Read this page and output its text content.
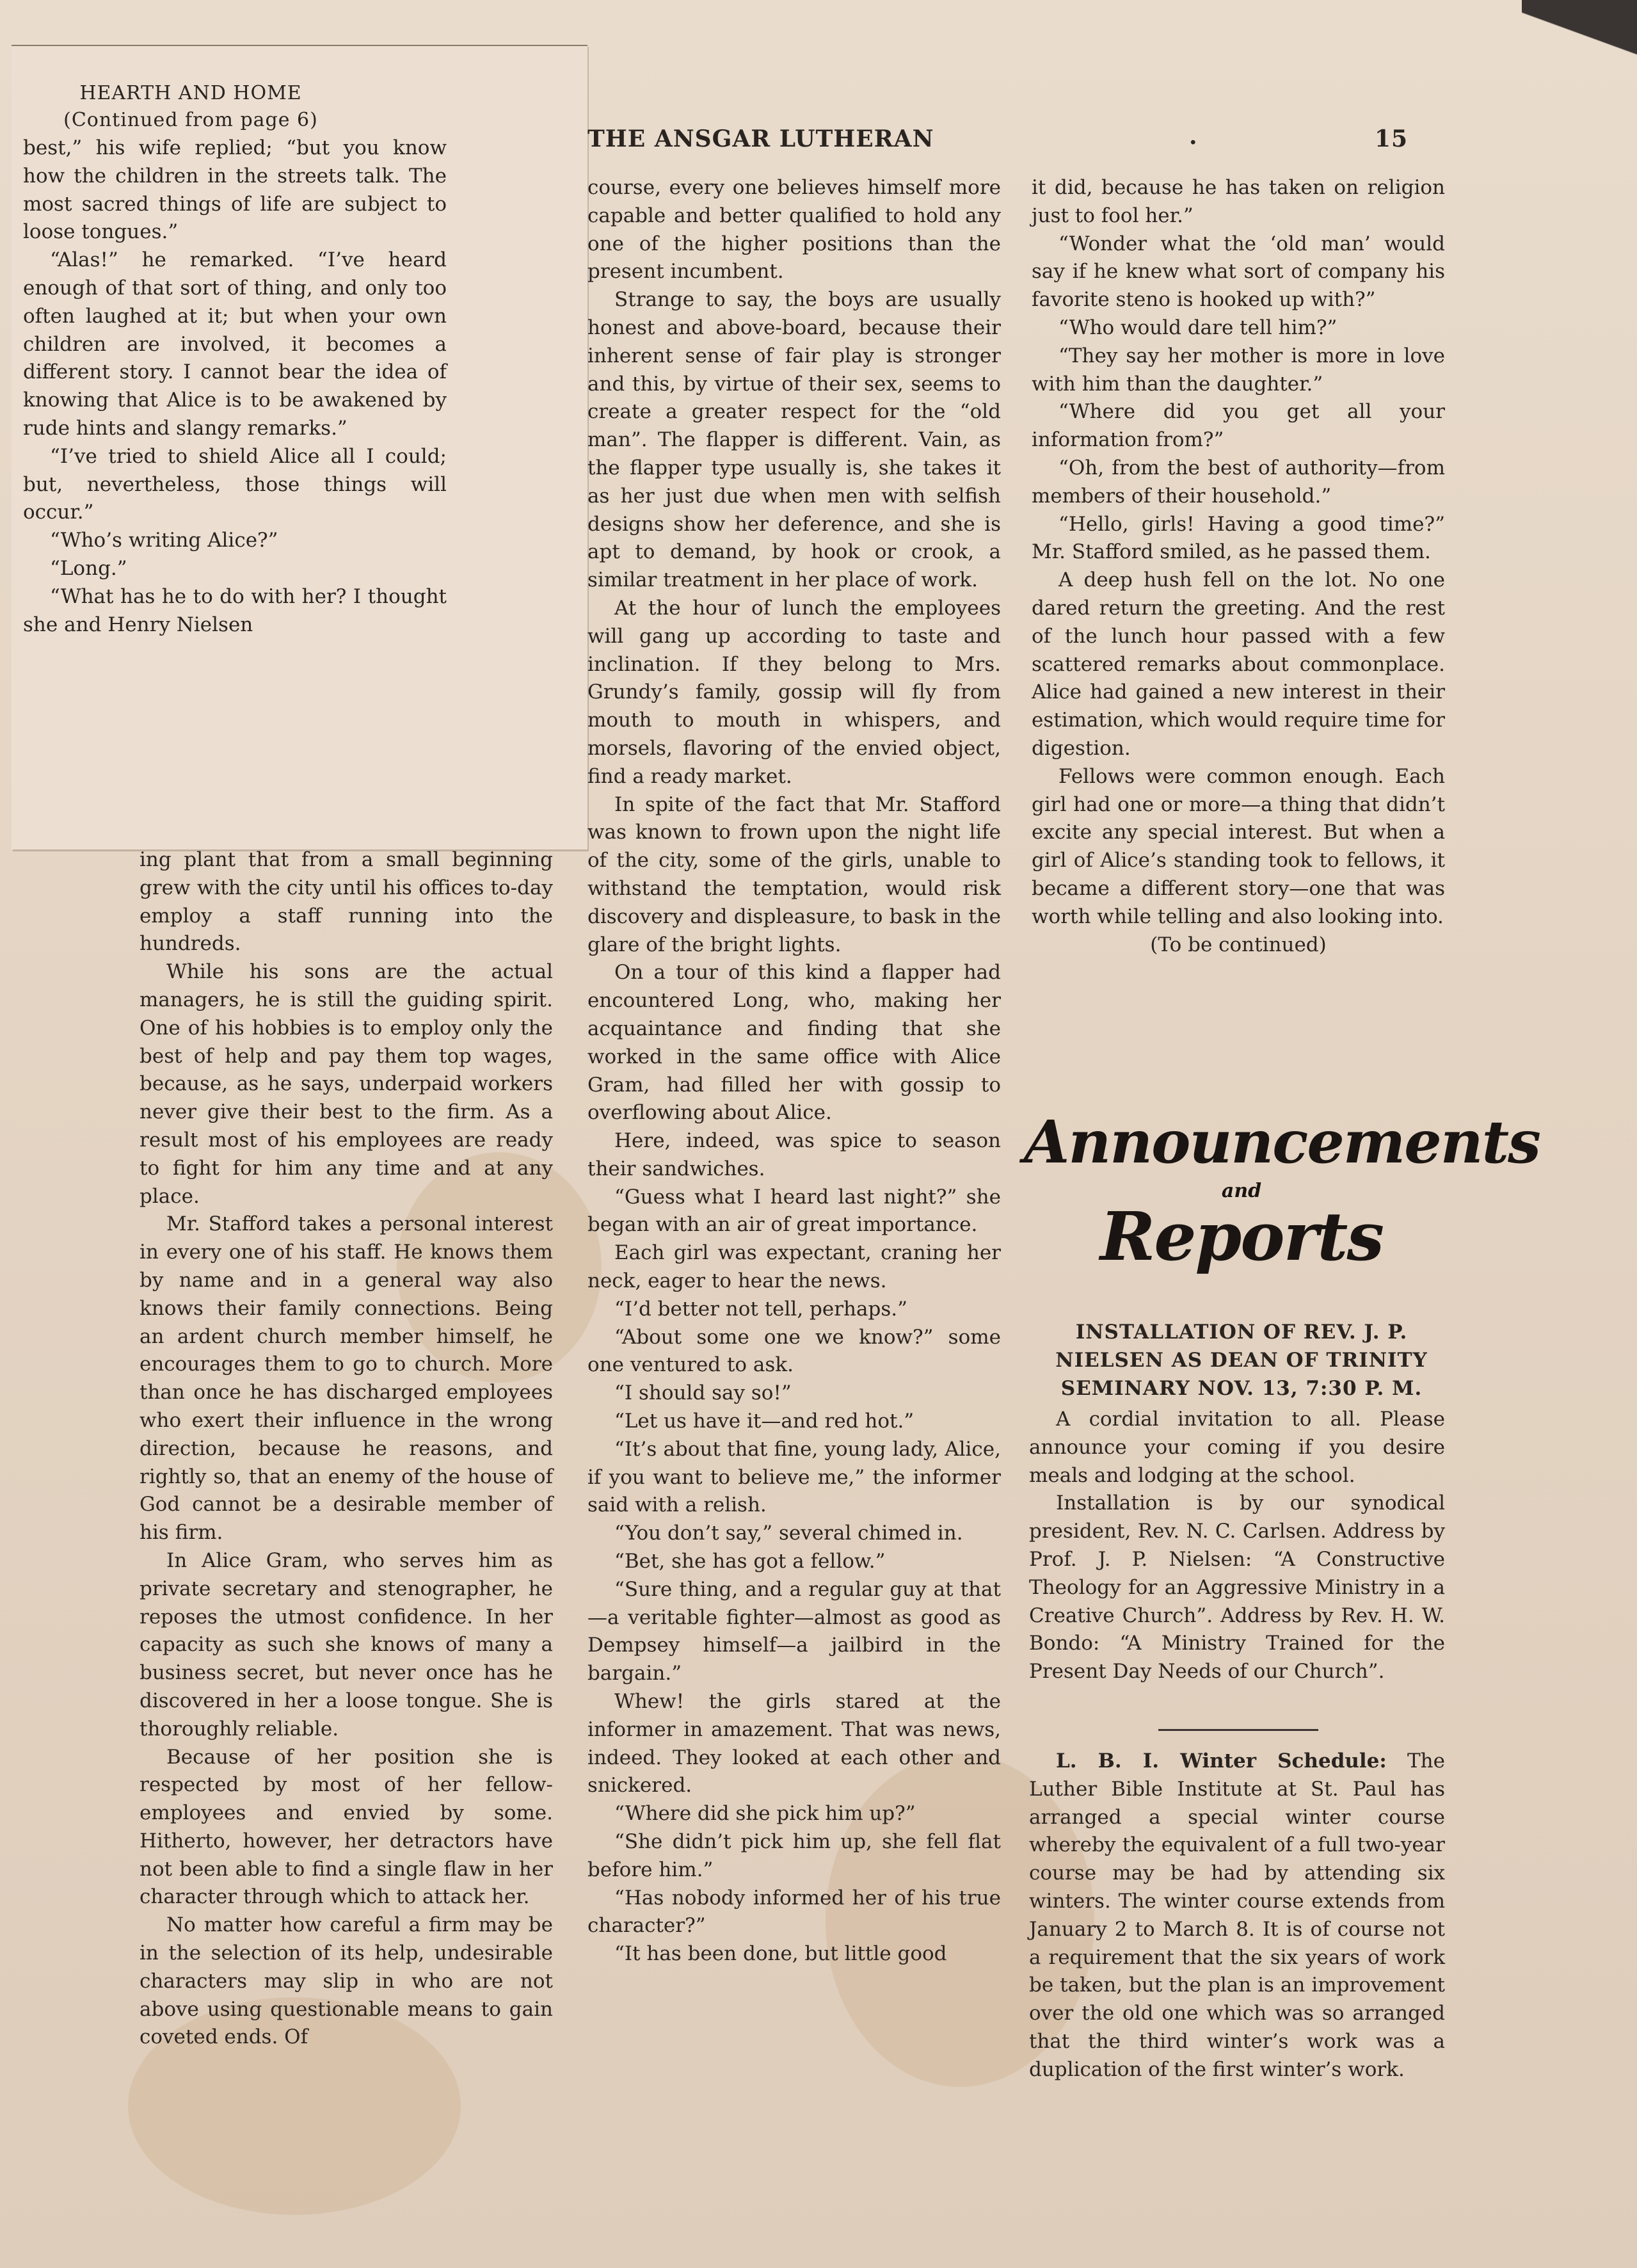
THE ANSGAR LUTHERAN	.	15
HEARTH AND HOME
(Continued from page 6)

best,” his wife replied; “but you know how the children in the streets talk. The most sacred things of life are subject to loose tongues.”

“Alas!” he remarked. “I’ve heard enough of that sort of thing, and only too often laughed at it; but when your own children are involved, it becomes a different story. I cannot bear the idea of knowing that Alice is to be awakened by rude hints and slangy remarks.”

“I’ve tried to shield Alice all I could; but, nevertheless, those things will occur.”

“Who’s writing Alice?”

“Long.”

“What has he to do with her? I thought she and Henry Nielsen

ing plant that from a small beginning grew with the city until his offices to-day employ a staff running into the hundreds.

While his sons are the actual managers, he is still the guiding spirit. One of his hobbies is to employ only the best of help and pay them top wages, because, as he says, underpaid workers never give their best to the firm. As a result most of his employees are ready to fight for him any time and at any place.

Mr. Stafford takes a personal interest in every one of his staff. He knows them by name and in a general way also knows their family connections. Being an ardent church member himself, he encourages them to go to church. More than once he has discharged employees who exert their influence in the wrong direction, because he reasons, and rightly so, that an enemy of the house of God cannot be a desirable member of his firm.

In Alice Gram, who serves him as private secretary and stenographer, he reposes the utmost confidence. In her capacity as such she knows of many a business secret, but never once has he discovered in her a loose tongue. She is thoroughly reliable.

Because of her position she is respected by most of her fellow-employees and envied by some. Hitherto, however, her detractors have not been able to find a single flaw in her character through which to attack her.

No matter how careful a firm may be in the selection of its help, undesirable characters may slip in who are not above using questionable means to gain coveted ends. Of

course, every one believes himself more capable and better qualified to hold any one of the higher positions than the present incumbent.

Strange to say, the boys are usually honest and above-board, because their inherent sense of fair play is stronger and this, by virtue of their sex, seems to create a greater respect for the “old man”. The flapper is different. Vain, as the flapper type usually is, she takes it as her just due when men with selfish designs show her deference, and she is apt to demand, by hook or crook, a similar treatment in her place of work.

At the hour of lunch the employees will gang up according to taste and inclination. If they belong to Mrs. Grundy’s family, gossip will fly from mouth to mouth in whispers, and morsels, flavoring of the envied object, find a ready market.

In spite of the fact that Mr. Stafford was known to frown upon the night life of the city, some of the girls, unable to withstand the temptation, would risk discovery and displeasure, to bask in the glare of the bright lights.

On a tour of this kind a flapper had encountered Long, who, making her acquaintance and finding that she worked in the same office with Alice Gram, had filled her with gossip to overflowing about Alice.

Here, indeed, was spice to season their sandwiches.

“Guess what I heard last night?” she began with an air of great importance.

Each girl was expectant, craning her neck, eager to hear the news.

“I’d better not tell, perhaps.”

“About some one we know?” some one ventured to ask.

“I should say so!”

“Let us have it—and red hot.”

“It’s about that fine, young lady, Alice, if you want to believe me,” the informer said with a relish.

“You don’t say,” several chimed in.

“Bet, she has got a fellow.”

“Sure thing, and a regular guy at that—a veritable fighter—almost as good as Dempsey himself—a jailbird in the bargain.”

Whew! the girls stared at the informer in amazement. That was news, indeed. They looked at each other and snickered.

“Where did she pick him up?”

“She didn’t pick him up, she fell flat before him.”

“Has nobody informed her of his true character?”

“It has been done, but little good

it did, because he has taken on religion just to fool her.”

“Wonder what the ‘old man’ would say if he knew what sort of company his favorite steno is hooked up with?”

“Who would dare tell him?”

“They say her mother is more in love with him than the daughter.”

“Where did you get all your information from?”

“Oh, from the best of authority—from members of their household.”

“Hello, girls! Having a good time?” Mr. Stafford smiled, as he passed them.

A deep hush fell on the lot. No one dared return the greeting. And the rest of the lunch hour passed with a few scattered remarks about commonplace. Alice had gained a new interest in their estimation, which would require time for digestion.

Fellows were common enough. Each girl had one or more—a thing that didn’t excite any special interest. But when a girl of Alice’s standing took to fellows, it became a different story—one that was worth while telling and also looking into.

(To be continued)

Announcements
and
Reports
INSTALLATION OF REV. J. P. NIELSEN AS DEAN OF TRINITY SEMINARY NOV. 13, 7:30 P. M.

A cordial invitation to all. Please announce your coming if you desire meals and lodging at the school.

Installation is by our synodical president, Rev. N. C. Carlsen. Address by Prof. J. P. Nielsen: “A Constructive Theology for an Aggressive Ministry in a Creative Church”. Address by Rev. H. W. Bondo: “A Ministry Trained for the Present Day Needs of our Church”.

L. B. I. Winter Schedule: The Luther Bible Institute at St. Paul has arranged a special winter course whereby the equivalent of a full two-year course may be had by attending six winters. The winter course extends from January 2 to March 8. It is of course not a requirement that the six years of work be taken, but the plan is an improvement over the old one which was so arranged that the third winter’s work was a duplication of the first winter’s work.
